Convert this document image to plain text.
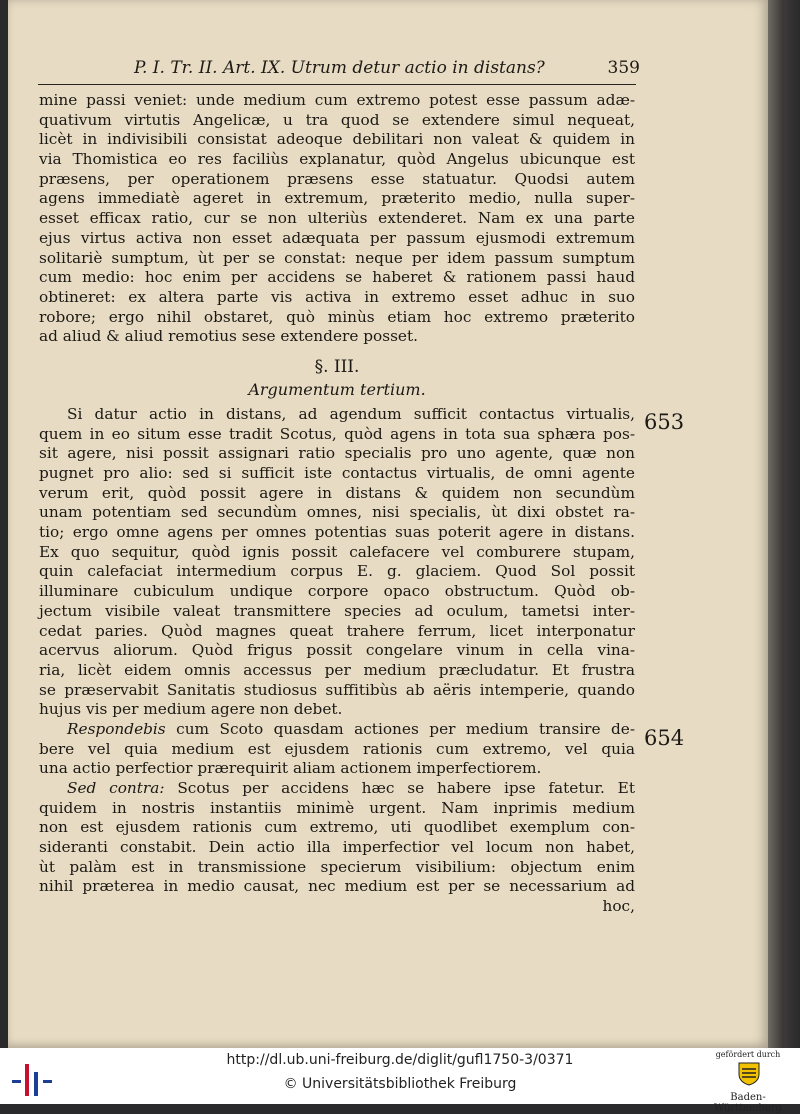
P. I. Tr. II. Art. IX. Utrum detur actio in distans?	359
mine passi veniet: unde medium cum extremo potest esse passum adæ-
quativum virtutis Angelicæ, u tra quod se extendere simul nequeat,
licèt in indivisibili consistat adeoque debilitari non valeat & quidem in
via Thomistica eo res faciliùs explanatur, quòd Angelus ubicunque est
præsens, per operationem præsens esse statuatur. Quodsi autem
agens immediatè ageret in extremum, præterito medio, nulla super-
esset efficax ratio, cur se non ulteriùs extenderet. Nam ex una parte
ejus virtus activa non esset adæquata per passum ejusmodi extremum
solitariè sumptum, ùt per se constat: neque per idem passum sumptum
cum medio: hoc enim per accidens se haberet & rationem passi haud
obtineret: ex altera parte vis activa in extremo esset adhuc in suo
robore; ergo nihil obstaret, quò minùs etiam hoc extremo præterito
ad aliud & aliud remotius sese extendere posset.
§. III.
Argumentum tertium.
Si datur actio in distans, ad agendum sufficit contactus virtualis,
quem in eo situm esse tradit Scotus, quòd agens in tota sua sphæra pos-
sit agere, nisi possit assignari ratio specialis pro uno agente, quæ non
pugnet pro alio: sed si sufficit iste contactus virtualis, de omni agente
verum erit, quòd possit agere in distans & quidem non secundùm
unam potentiam sed secundùm omnes, nisi specialis, ùt dixi obstet ra-
tio; ergo omne agens per omnes potentias suas poterit agere in distans.
Ex quo sequitur, quòd ignis possit calefacere vel comburere stupam,
quin calefaciat intermedium corpus E. g. glaciem. Quod Sol possit
illuminare cubiculum undique corpore opaco obstructum. Quòd ob-
jectum visibile valeat transmittere species ad oculum, tametsi inter-
cedat paries. Quòd magnes queat trahere ferrum, licet interponatur
acervus aliorum. Quòd frigus possit congelare vinum in cella vina-
ria, licèt eidem omnis accessus per medium præcludatur. Et frustra
se præservabit Sanitatis studiosus suffitibùs ab aëris intemperie, quando
hujus vis per medium agere non debet.
Respondebis cum Scoto quasdam actiones per medium transire de-
bere vel quia medium est ejusdem rationis cum extremo, vel quia
una actio perfectior prærequirit aliam actionem imperfectiorem.
Sed contra: Scotus per accidens hæc se habere ipse fatetur. Et
quidem in nostris instantiis minimè urgent. Nam inprimis medium
non est ejusdem rationis cum extremo, uti quodlibet exemplum con-
sideranti constabit. Dein actio illa imperfectior vel locum non habet,
ùt palàm est in transmissione specierum visibilium: objectum enim
nihil præterea in medio causat, nec medium est per se necessarium ad
hoc,
653
654
http://dl.ub.uni-freiburg.de/diglit/gufl1750-3/0371
© Universitätsbibliothek Freiburg
gefördert durch
Baden-Württemberg
